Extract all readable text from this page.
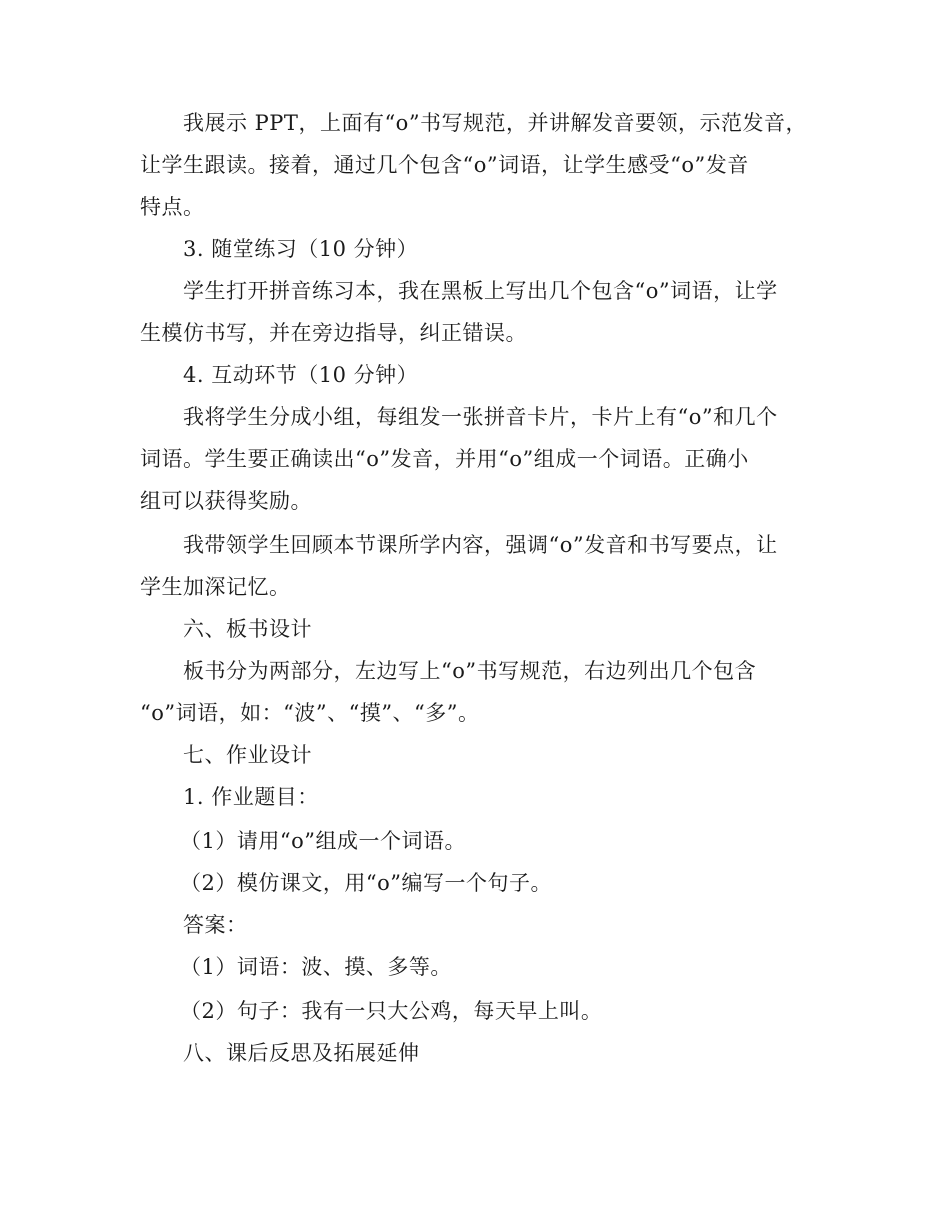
我展示 PPT，上面有“o”书写规范，并讲解发音要领，示范发音，
让学生跟读。接着，通过几个包含“o”词语，让学生感受“o”发音
特点。
3. 随堂练习（10 分钟）
学生打开拼音练习本，我在黑板上写出几个包含“o”词语，让学
生模仿书写，并在旁边指导，纠正错误。
4. 互动环节（10 分钟）
我将学生分成小组，每组发一张拼音卡片，卡片上有“o”和几个
词语。学生要正确读出“o”发音，并用“o”组成一个词语。正确小
组可以获得奖励。
我带领学生回顾本节课所学内容，强调“o”发音和书写要点，让
学生加深记忆。
六、板书设计
板书分为两部分，左边写上“o”书写规范，右边列出几个包含
“o”词语，如：“波”、“摸”、“多”。
七、作业设计
1. 作业题目：
（1）请用“o”组成一个词语。
（2）模仿课文，用“o”编写一个句子。
答案：
（1）词语：波、摸、多等。
（2）句子：我有一只大公鸡，每天早上叫。
八、课后反思及拓展延伸
